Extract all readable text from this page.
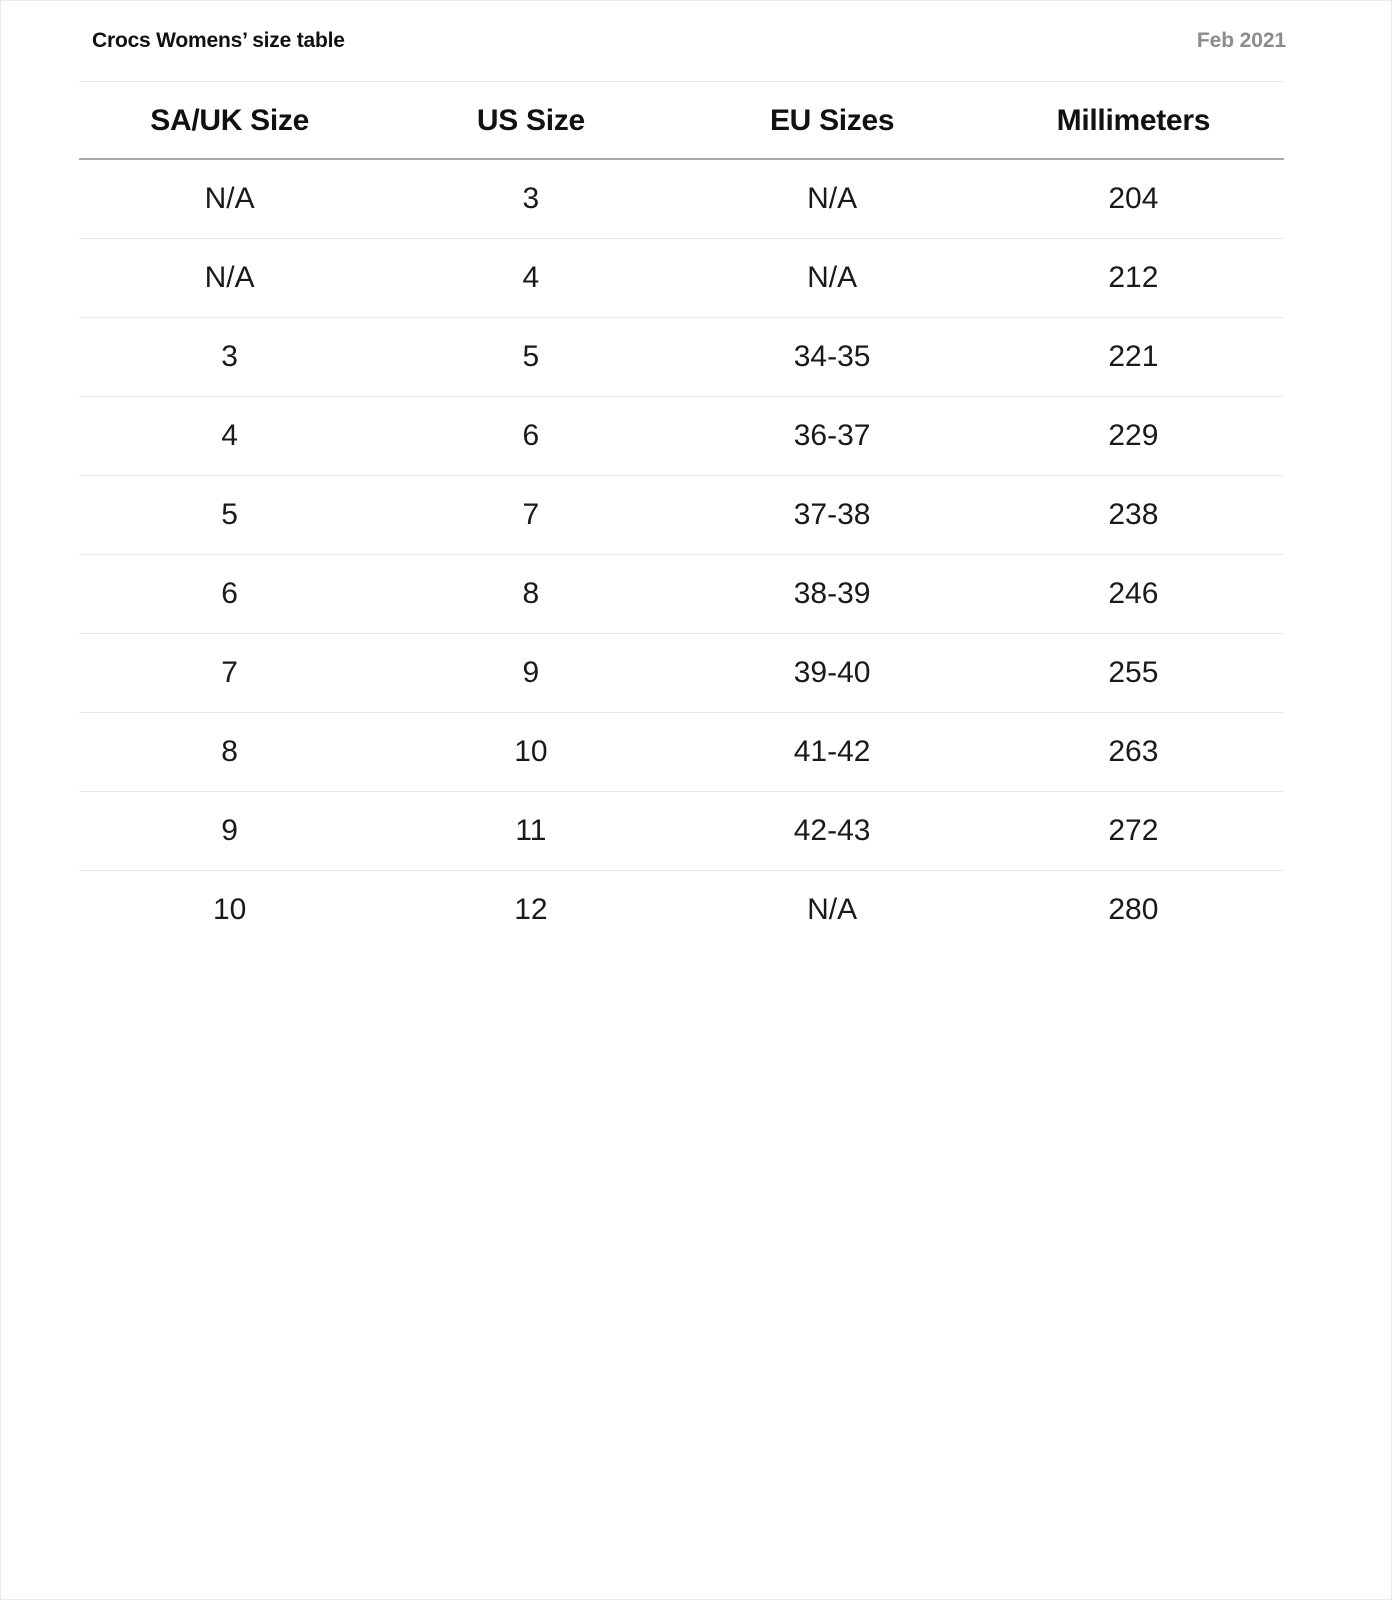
Crocs Womens’ size table	Feb 2021
SA/UK Size	US Size	EU Sizes	Millimeters
N/A	3	N/A	204
N/A	4	N/A	212
3	5	34-35	221
4	6	36-37	229
5	7	37-38	238
6	8	38-39	246
7	9	39-40	255
8	10	41-42	263
9	11	42-43	272
10	12	N/A	280
